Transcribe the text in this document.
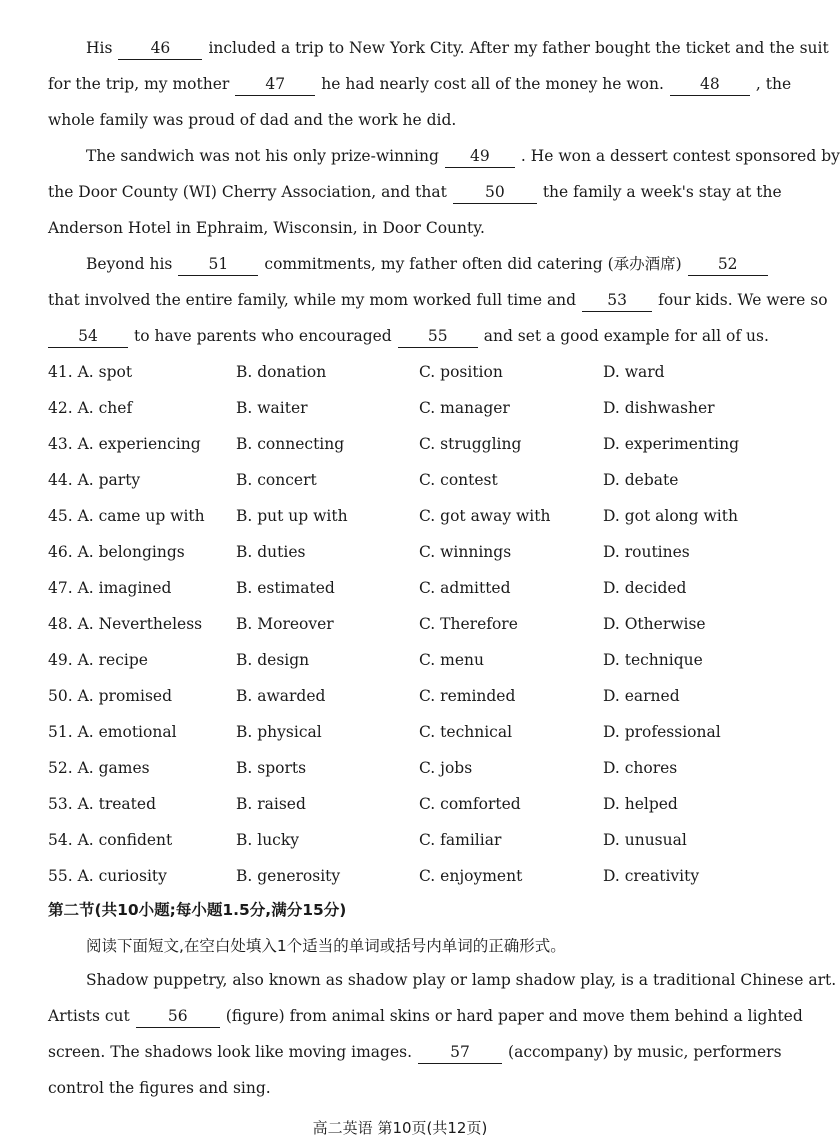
His 46 included a trip to New York City. After my father bought the ticket and the suit
for the trip, my mother 47 he had nearly cost all of the money he won. 48 , the
whole family was proud of dad and the work he did.
The sandwich was not his only prize-winning 49 . He won a dessert contest sponsored by
the Door County (WI) Cherry Association, and that 50 the family a week's stay at the
Anderson Hotel in Ephraim, Wisconsin, in Door County.
Beyond his 51 commitments, my father often did catering (承办酒席) 52
that involved the entire family, while my mom worked full time and 53 four kids. We were so
54 to have parents who encouraged 55 and set a good example for all of us.
41. A. spot	B. donation	C. position	D. ward
42. A. chef	B. waiter	C. manager	D. dishwasher
43. A. experiencing B. connecting	C. struggling	D. experimenting
44. A. party	B. concert	C. contest	D. debate
45. A. came up with B. put up with	C. got away with	D. got along with
46. A. belongings	B. duties	C. winnings	D. routines
47. A. imagined	B. estimated	C. admitted	D. decided
48. A. Nevertheless B. Moreover	C. Therefore	D. Otherwise
49. A. recipe	B. design	C. menu	D. technique
50. A. promised	B. awarded	C. reminded	D. earned
51. A. emotional	B. physical	C. technical	D. professional
52. A. games	B. sports	C. jobs	D. chores
53. A. treated	B. raised	C. comforted	D. helped
54. A. confident	B. lucky	C. familiar	D. unusual
55. A. curiosity	B. generosity	C. enjoyment	D. creativity
第二节(共10小题;每小题1.5分,满分15分)
阅读下面短文,在空白处填入1个适当的单词或括号内单词的正确形式。
Shadow puppetry, also known as shadow play or lamp shadow play, is a traditional Chinese art.
Artists cut 56 (figure) from animal skins or hard paper and move them behind a lighted
screen. The shadows look like moving images. 57 (accompany) by music, performers
control the figures and sing.
高二英语 第10页(共12页)
